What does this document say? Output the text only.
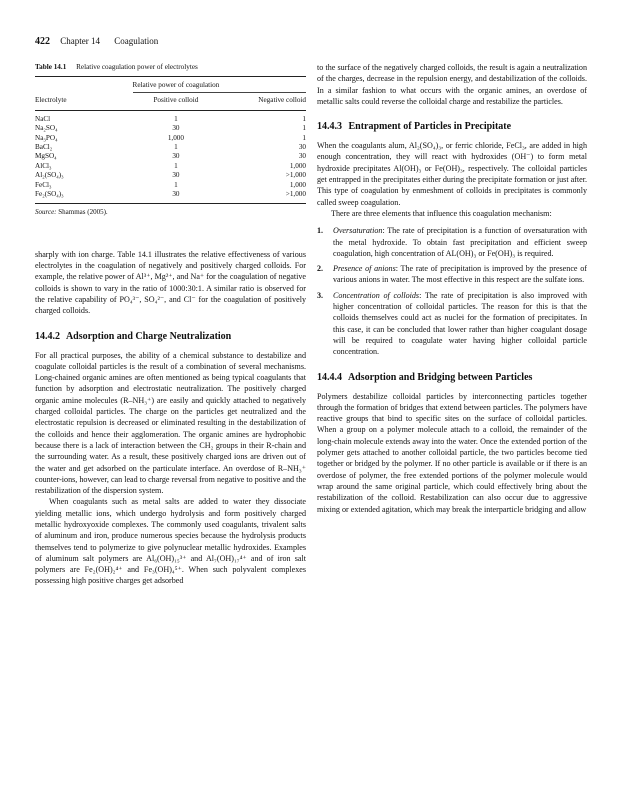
422 Chapter 14 Coagulation
Table 14.1 Relative coagulation power of electrolytes
	Relative power of coagulation	
Electrolyte	Positive colloid	Negative colloid
NaCl	1	1
Na₂SO₄	30	1
Na₃PO₄	1,000	1
BaCl₂	1	30
MgSO₄	30	30
AlCl₃	1	1,000
Al₂(SO₄)₃	30	>1,000
FeCl₃	1	1,000
Fe₂(SO₄)₃	30	>1,000
Source: Shammas (2005).

sharply with ion charge. Table 14.1 illustrates the relative effectiveness of various electrolytes in the coagulation of negatively and positively charged colloids. For example, the relative power of Al³⁺, Mg²⁺, and Na⁺ for the coagulation of negative colloids is shown to vary in the ratio of 1000:30:1. A similar ratio is observed for the relative capability of PO₄³⁻, SO₄²⁻, and Cl⁻ for the coagulation of positively charged colloids.

14.4.2 Adsorption and Charge Neutralization

For all practical purposes, the ability of a chemical substance to destabilize and coagulate colloidal particles is the result of a combination of several mechanisms. Long-chained organic amines are often mentioned as being typical coagulants that function by adsorption and electrostatic neutralization. The positively charged organic amine molecules (R–NH₃⁺) are easily and quickly attached to negatively charged colloidal particles. The charge on the particles get neutralized and the electrostatic repulsion is decreased or eliminated resulting in the destabilization of the colloids and hence their agglomeration. The organic amines are hydrophobic because there is a lack of interaction between the CH₂ groups in their R-chain and the surrounding water. As a result, these positively charged ions are driven out of the water and get adsorbed on the particulate interface. An overdose of R–NH₃⁺ counter-ions, however, can lead to charge reversal from negative to positive and the restabilization of the dispersion system.

When coagulants such as metal salts are added to water they dissociate yielding metallic ions, which undergo hydrolysis and form positively charged metallic hydroxyoxide complexes. The commonly used coagulants, trivalent salts of aluminum and iron, produce numerous species because the hydrolysis products themselves tend to polymerize to give polynuclear metallic hydroxides. Examples of aluminum salt polymers are Al₆(OH)₁₅³⁺ and Al₇(OH)₁₇⁴⁺ and of iron salt polymers are Fe₂(OH)₂⁴⁺ and Fe₃(OH)₄⁵⁺. When such polyvalent complexes possessing high positive charges get adsorbed

to the surface of the negatively charged colloids, the result is again a neutralization of the charges, decrease in the repulsion energy, and destabilization of the colloids. In a similar fashion to what occurs with the organic amines, an overdose of metallic salts could reverse the colloidal charge and restabilize the particles.

14.4.3 Entrapment of Particles in Precipitate

When the coagulants alum, Al₂(SO₄)₃, or ferric chloride, FeCl₃, are added in high enough concentration, they will react with hydroxides (OH⁻) to form metal hydroxide precipitates Al(OH)₃ or Fe(OH)₃, respectively. The colloidal particles get entrapped in the precipitates either during the precipitate formation or just after. This type of coagulation by enmeshment of colloids in precipitates is commonly called sweep coagulation.

There are three elements that influence this coagulation mechanism:

1. Oversaturation: The rate of precipitation is a function of oversaturation with the metal hydroxide. To obtain fast precipitation and efficient sweep coagulation, high concentration of AL(OH)₃ or Fe(OH)₃ is required.
2. Presence of anions: The rate of precipitation is improved by the presence of various anions in water. The most effective in this respect are the sulfate ions.
3. Concentration of colloids: The rate of precipitation is also improved with higher concentration of colloidal particles. The reason for this is that the colloids themselves could act as nuclei for the formation of precipitates. In this case, it can be concluded that lower rather than higher coagulant dosage will be required to coagulate water having higher colloidal particle concentration.
14.4.4 Adsorption and Bridging between Particles

Polymers destabilize colloidal particles by interconnecting particles together through the formation of bridges that extend between particles. The polymers have reactive groups that bind to specific sites on the surface of colloidal particles. When a group on a polymer molecule attach to a colloid, the remainder of the long-chain molecule extends away into the water. Once the extended portion of the polymer gets attached to another colloidal particle, the two particles become tied together or bridged by the polymer. If no other particle is available or if there is an overdose of polymer, the free extended portions of the polymer molecule would wrap around the same original particle, which could effectively bring about the restabilization of the colloid. Restabilization can also occur due to aggressive mixing or extended agitation, which may break the interparticle bridging and allow
